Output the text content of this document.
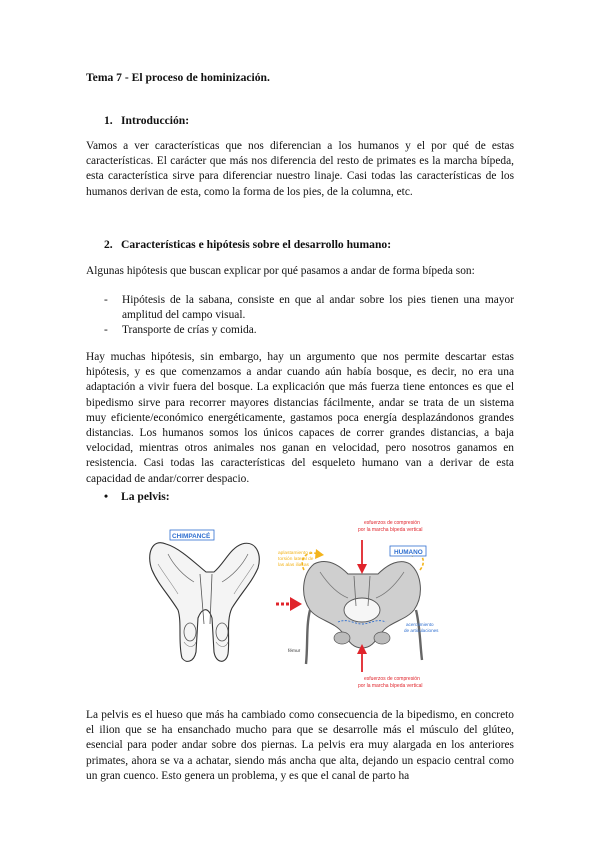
Tema 7 - El proceso de hominización.
1. Introducción:
Vamos a ver características que nos diferencian a los humanos y el por qué de estas características. El carácter que más nos diferencia del resto de primates es la marcha bípeda, esta característica sirve para diferenciar nuestro linaje. Casi todas las características de los humanos derivan de esta, como la forma de los pies, de la columna, etc.
2. Características e hipótesis sobre el desarrollo humano:
Algunas hipótesis que buscan explicar por qué pasamos a andar de forma bípeda son:
- Hipótesis de la sabana, consiste en que al andar sobre los pies tienen una mayor amplitud del campo visual.
- Transporte de crías y comida.
Hay muchas hipótesis, sin embargo, hay un argumento que nos permite descartar estas hipótesis, y es que comenzamos a andar cuando aún había bosque, es decir, no era una adaptación a vivir fuera del bosque. La explicación que más fuerza tiene entonces es que el bipedismo sirve para recorrer mayores distancias fácilmente, andar se trata de un sistema muy eficiente/económico energéticamente, gastamos poca energía desplazándonos grandes distancias. Los humanos somos los únicos capaces de correr grandes distancias, a baja velocidad, mientras otros animales nos ganan en velocidad, pero nosotros ganamos en resistencia. Casi todas las características del esqueleto humano van a derivar de esta capacidad de andar/correr despacio.
• La pelvis:
CHIMPANCÉ
esfuerzos de compresión
por la marcha bípeda vertical
esfuerzos de compresión
por la marcha bípeda vertical
aplastamiento e
torsión lateral de
las alas iliacas
HUMANO
acercamiento
de articulaciones
fémur
La pelvis es el hueso que más ha cambiado como consecuencia de la bipedismo, en concreto el ilion que se ha ensanchado mucho para que se desarrolle más el músculo del glúteo, esencial para poder andar sobre dos piernas. La pelvis era muy alargada en los anteriores primates, ahora se va a achatar, siendo más ancha que alta, dejando un espacio central como un gran cuenco. Esto genera un problema, y es que el canal de parto ha
